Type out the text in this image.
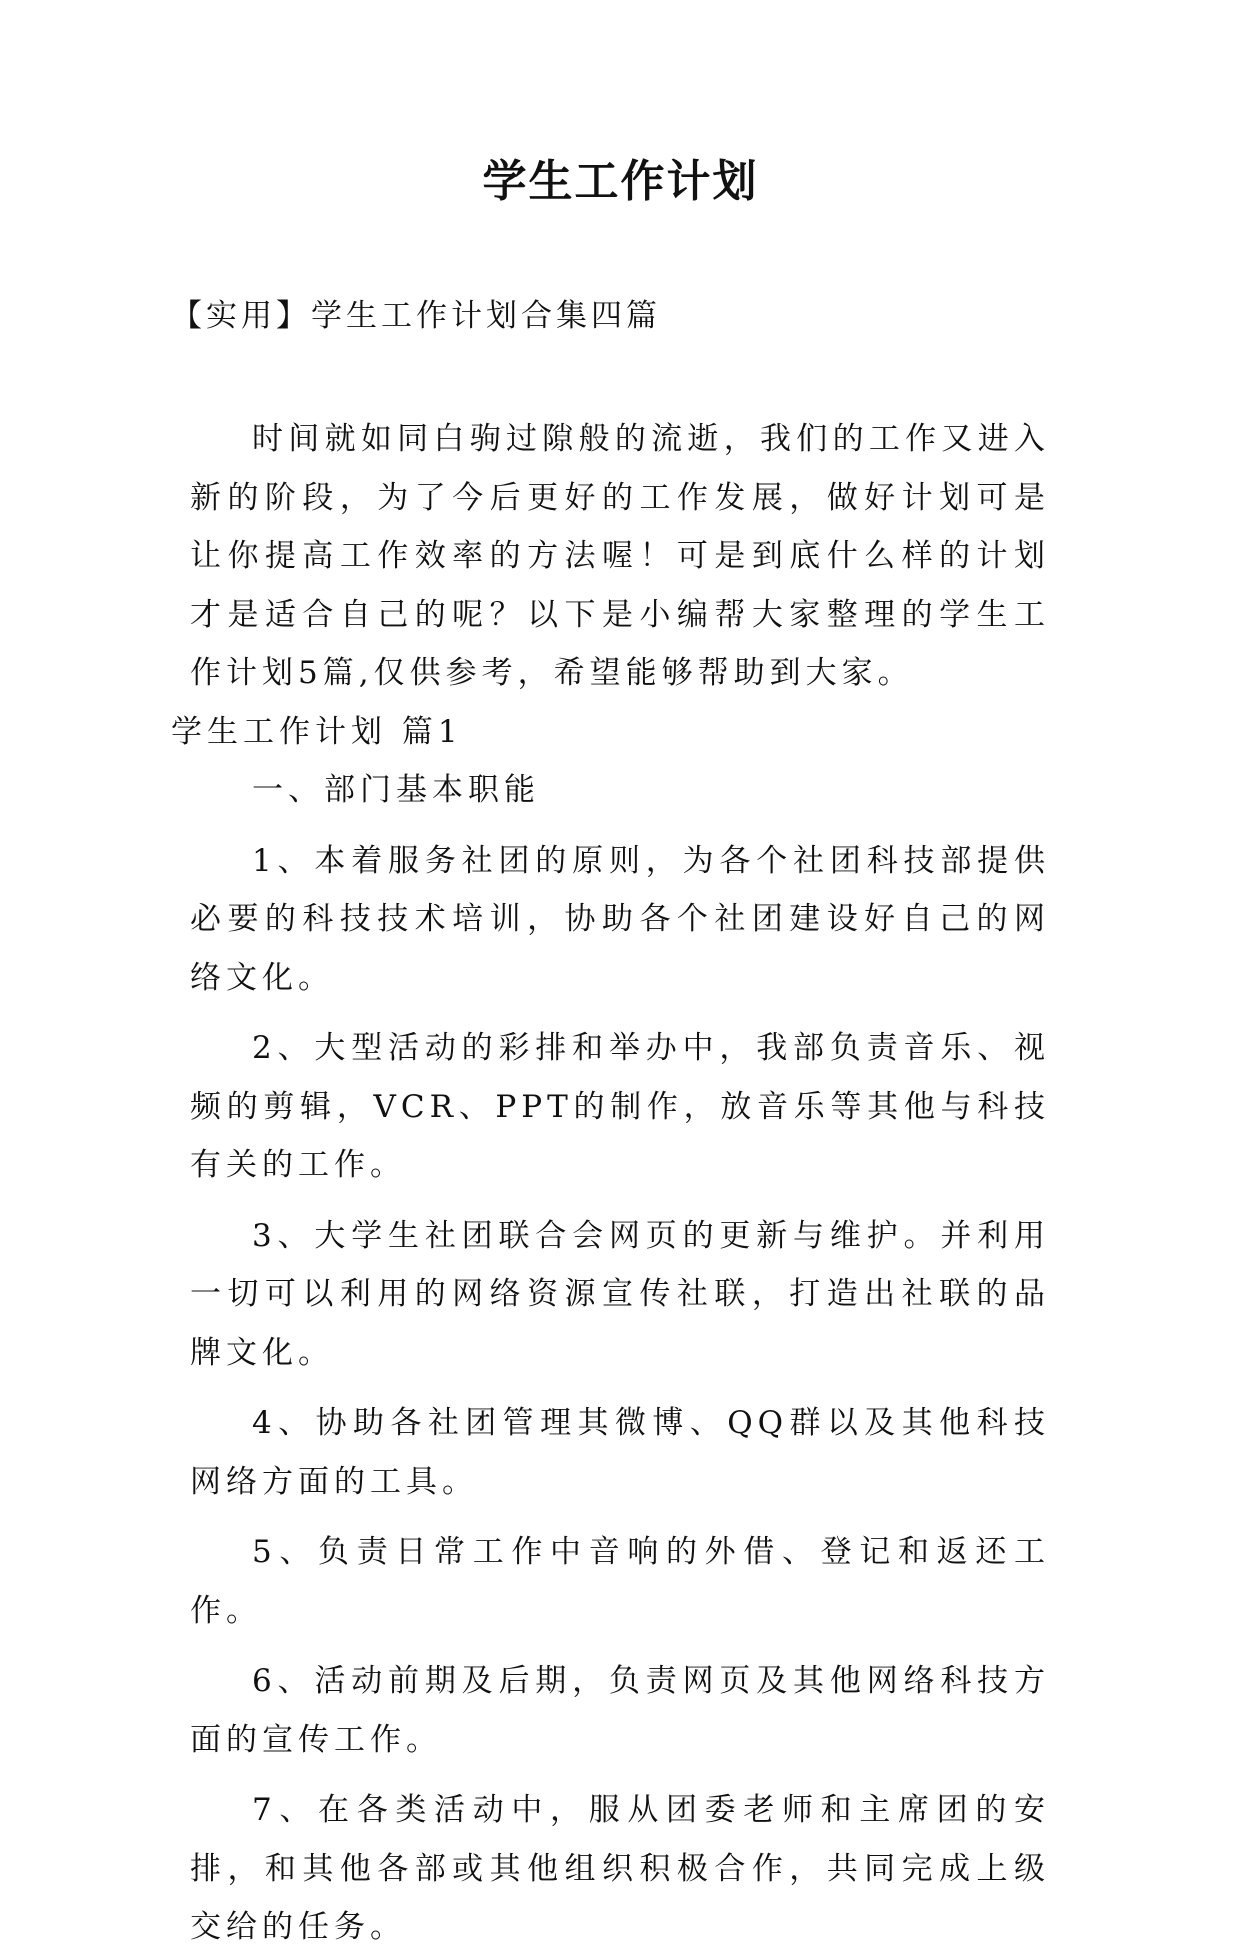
学生工作计划

【实用】学生工作计划合集四篇

时间就如同白驹过隙般的流逝，我们的工作又进入新的阶段，为了今后更好的工作发展，做好计划可是让你提高工作效率的方法喔！可是到底什么样的计划才是适合自己的呢？以下是小编帮大家整理的学生工作计划5篇,仅供参考，希望能够帮助到大家。

学生工作计划 篇1

一、部门基本职能

1、本着服务社团的原则，为各个社团科技部提供必要的科技技术培训，协助各个社团建设好自己的网络文化。

2、大型活动的彩排和举办中，我部负责音乐、视频的剪辑，VCR、PPT的制作，放音乐等其他与科技有关的工作。

3、大学生社团联合会网页的更新与维护。并利用一切可以利用的网络资源宣传社联，打造出社联的品牌文化。

4、协助各社团管理其微博、QQ群以及其他科技网络方面的工具。

5、负责日常工作中音响的外借、登记和返还工作。

6、活动前期及后期，负责网页及其他网络科技方面的宣传工作。

7、在各类活动中，服从团委老师和主席团的安排，和其他各部或其他组织积极合作，共同完成上级交给的任务。
